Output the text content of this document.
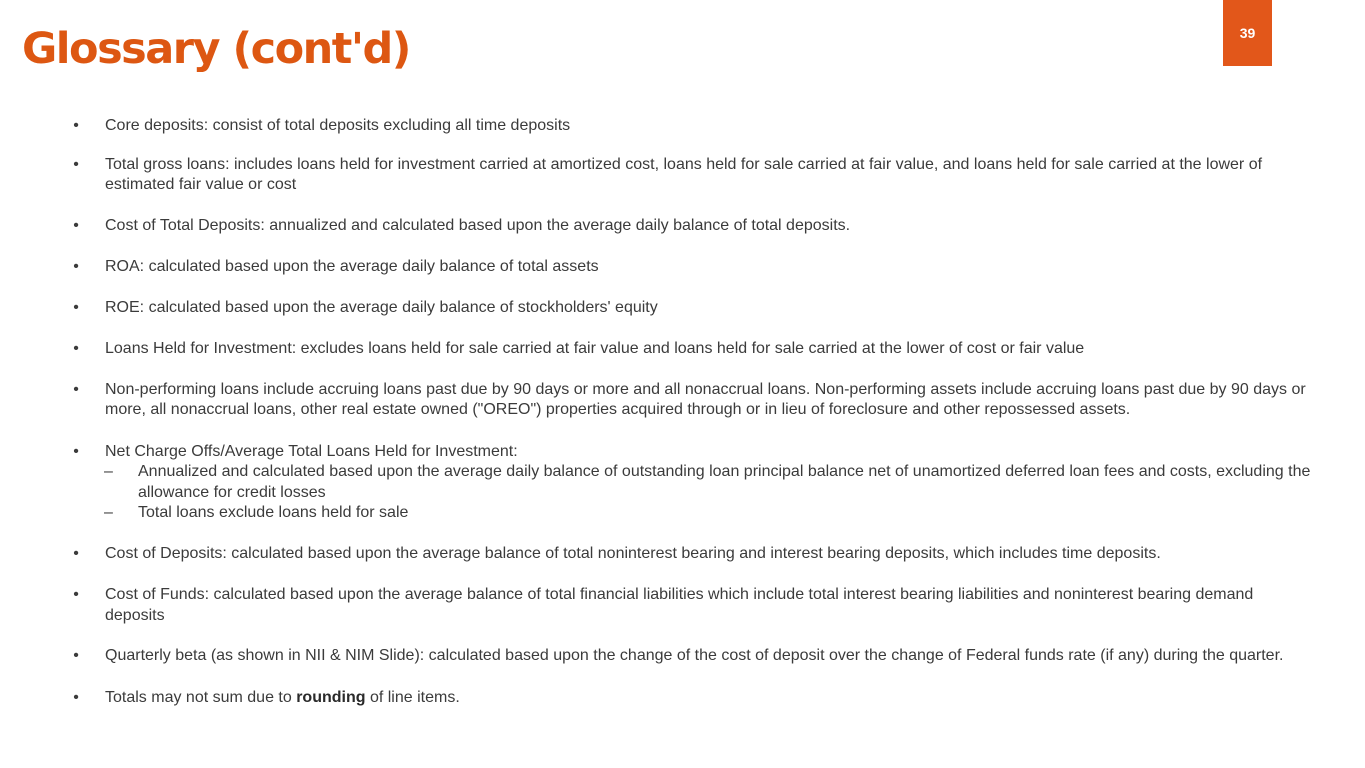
Glossary (cont'd)	39
• Core deposits: consist of total deposits excluding all time deposits
• Total gross loans: includes loans held for investment carried at amortized cost, loans held for sale carried at fair value, and loans held for sale carried at the lower of estimated fair value or cost
• Cost of Total Deposits: annualized and calculated based upon the average daily balance of total deposits.
• ROA: calculated based upon the average daily balance of total assets
• ROE: calculated based upon the average daily balance of stockholders' equity
• Loans Held for Investment: excludes loans held for sale carried at fair value and loans held for sale carried at the lower of cost or fair value
• Non-performing loans include accruing loans past due by 90 days or more and all nonaccrual loans. Non-performing assets include accruing loans past due by 90 days or more, all nonaccrual loans, other real estate owned ("OREO") properties acquired through or in lieu of foreclosure and other repossessed assets.
• Net Charge Offs/Average Total Loans Held for Investment:
– Annualized and calculated based upon the average daily balance of outstanding loan principal balance net of unamortized deferred loan fees and costs, excluding the allowance for credit losses
– Total loans exclude loans held for sale
• Cost of Deposits: calculated based upon the average balance of total noninterest bearing and interest bearing deposits, which includes time deposits.
• Cost of Funds: calculated based upon the average balance of total financial liabilities which include total interest bearing liabilities and noninterest bearing demand deposits
• Quarterly beta (as shown in NII & NIM Slide): calculated based upon the change of the cost of deposit over the change of Federal funds rate (if any) during the quarter.
• Totals may not sum due to rounding of line items.
